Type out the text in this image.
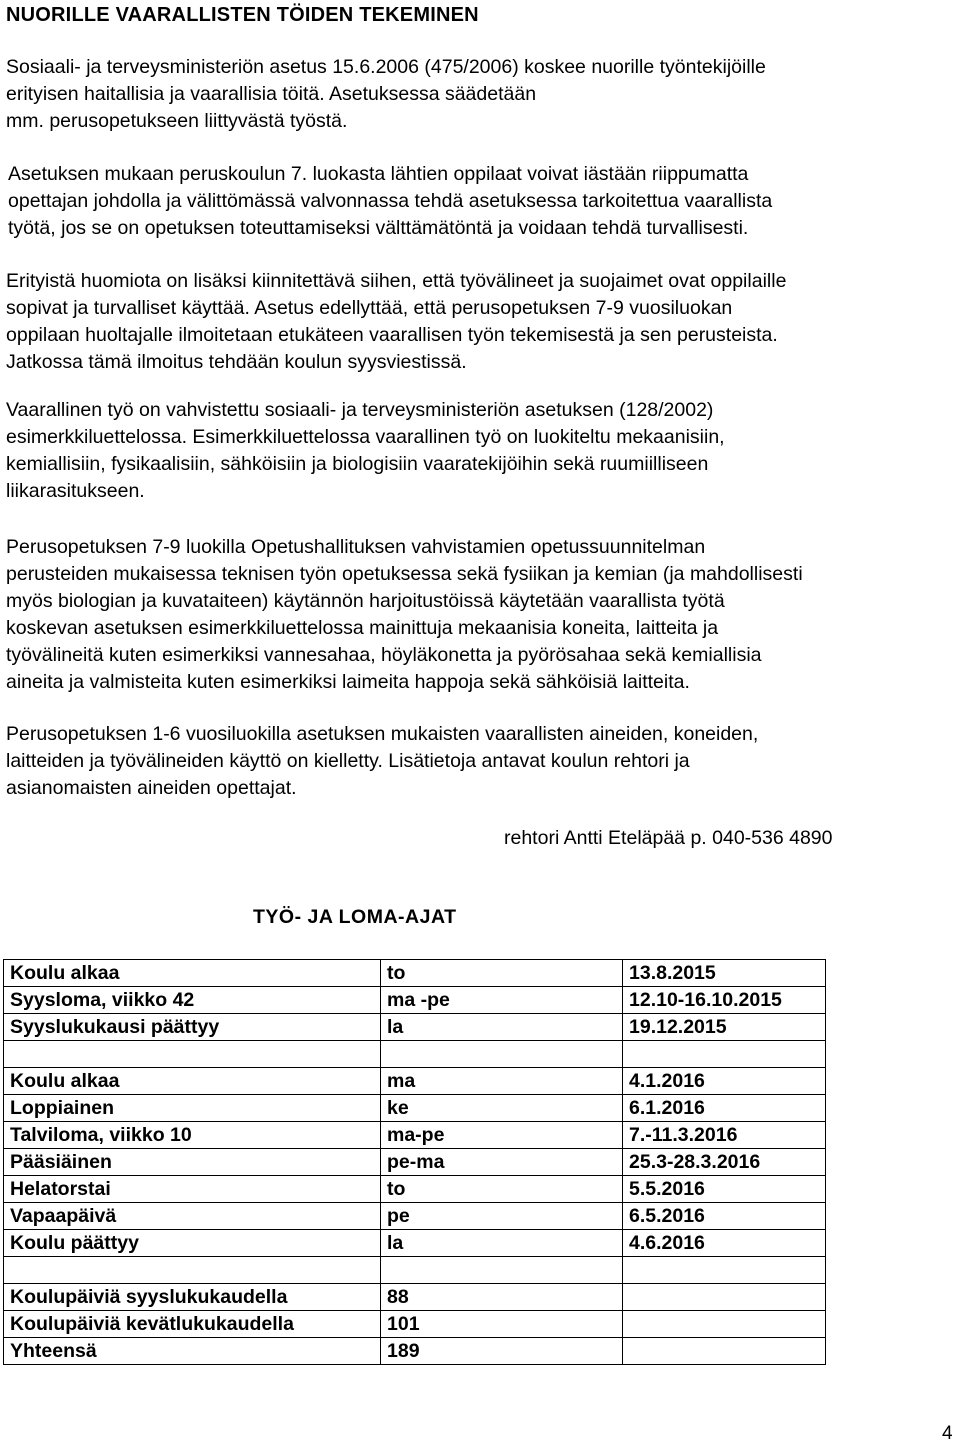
NUORILLE VAARALLISTEN TÖIDEN TEKEMINEN

Sosiaali- ja terveysministeriön asetus 15.6.2006 (475/2006) koskee nuorille työntekijöille
erityisen haitallisia ja vaarallisia töitä. Asetuksessa säädetään
mm. perusopetukseen liittyvästä työstä.

Asetuksen mukaan peruskoulun 7. luokasta lähtien oppilaat voivat iästään riippumatta
opettajan johdolla ja välittömässä valvonnassa tehdä asetuksessa tarkoitettua vaarallista
työtä, jos se on opetuksen toteuttamiseksi välttämätöntä ja voidaan tehdä turvallisesti.

Erityistä huomiota on lisäksi kiinnitettävä siihen, että työvälineet ja suojaimet ovat oppilaille
sopivat ja turvalliset käyttää. Asetus edellyttää, että perusopetuksen 7-9 vuosiluokan
oppilaan huoltajalle ilmoitetaan etukäteen vaarallisen työn tekemisestä ja sen perusteista.
Jatkossa tämä ilmoitus tehdään koulun syysviestissä.

Vaarallinen työ on vahvistettu sosiaali- ja terveysministeriön asetuksen (128/2002)
esimerkkiluettelossa. Esimerkkiluettelossa vaarallinen työ on luokiteltu mekaanisiin,
kemiallisiin, fysikaalisiin, sähköisiin ja biologisiin vaaratekijöihin sekä ruumiilliseen
liikarasitukseen.

Perusopetuksen 7-9 luokilla Opetushallituksen vahvistamien opetussuunnitelman
perusteiden mukaisessa teknisen työn opetuksessa sekä fysiikan ja kemian (ja mahdollisesti
myös biologian ja kuvataiteen) käytännön harjoitustöissä käytetään vaarallista työtä
koskevan asetuksen esimerkkiluettelossa mainittuja mekaanisia koneita, laitteita ja
työvälineitä kuten esimerkiksi vannesahaa, höyläkonetta ja pyörösahaa sekä kemiallisia
aineita ja valmisteita kuten esimerkiksi laimeita happoja sekä sähköisiä laitteita.

Perusopetuksen 1-6 vuosiluokilla asetuksen mukaisten vaarallisten aineiden, koneiden,
laitteiden ja työvälineiden käyttö on kielletty. Lisätietoja antavat koulun rehtori ja
asianomaisten aineiden opettajat.

rehtori Antti Eteläpää p. 040-536 4890
TYÖ- JA LOMA-AJAT
Koulu alkaa	to	13.8.2015
Syysloma, viikko 42	ma -pe	12.10-16.10.2015
Syyslukukausi päättyy	la	19.12.2015

Koulu alkaa	ma	4.1.2016
Loppiainen	ke	6.1.2016
Talviloma, viikko 10	ma-pe	7.-11.3.2016
Pääsiäinen	pe-ma	25.3-28.3.2016
Helatorstai	to	5.5.2016
Vapaapäivä	pe	6.5.2016
Koulu päättyy	la	4.6.2016

Koulupäiviä syyslukukaudella	88	
Koulupäiviä kevätlukukaudella	101	
Yhteensä	189	
4
